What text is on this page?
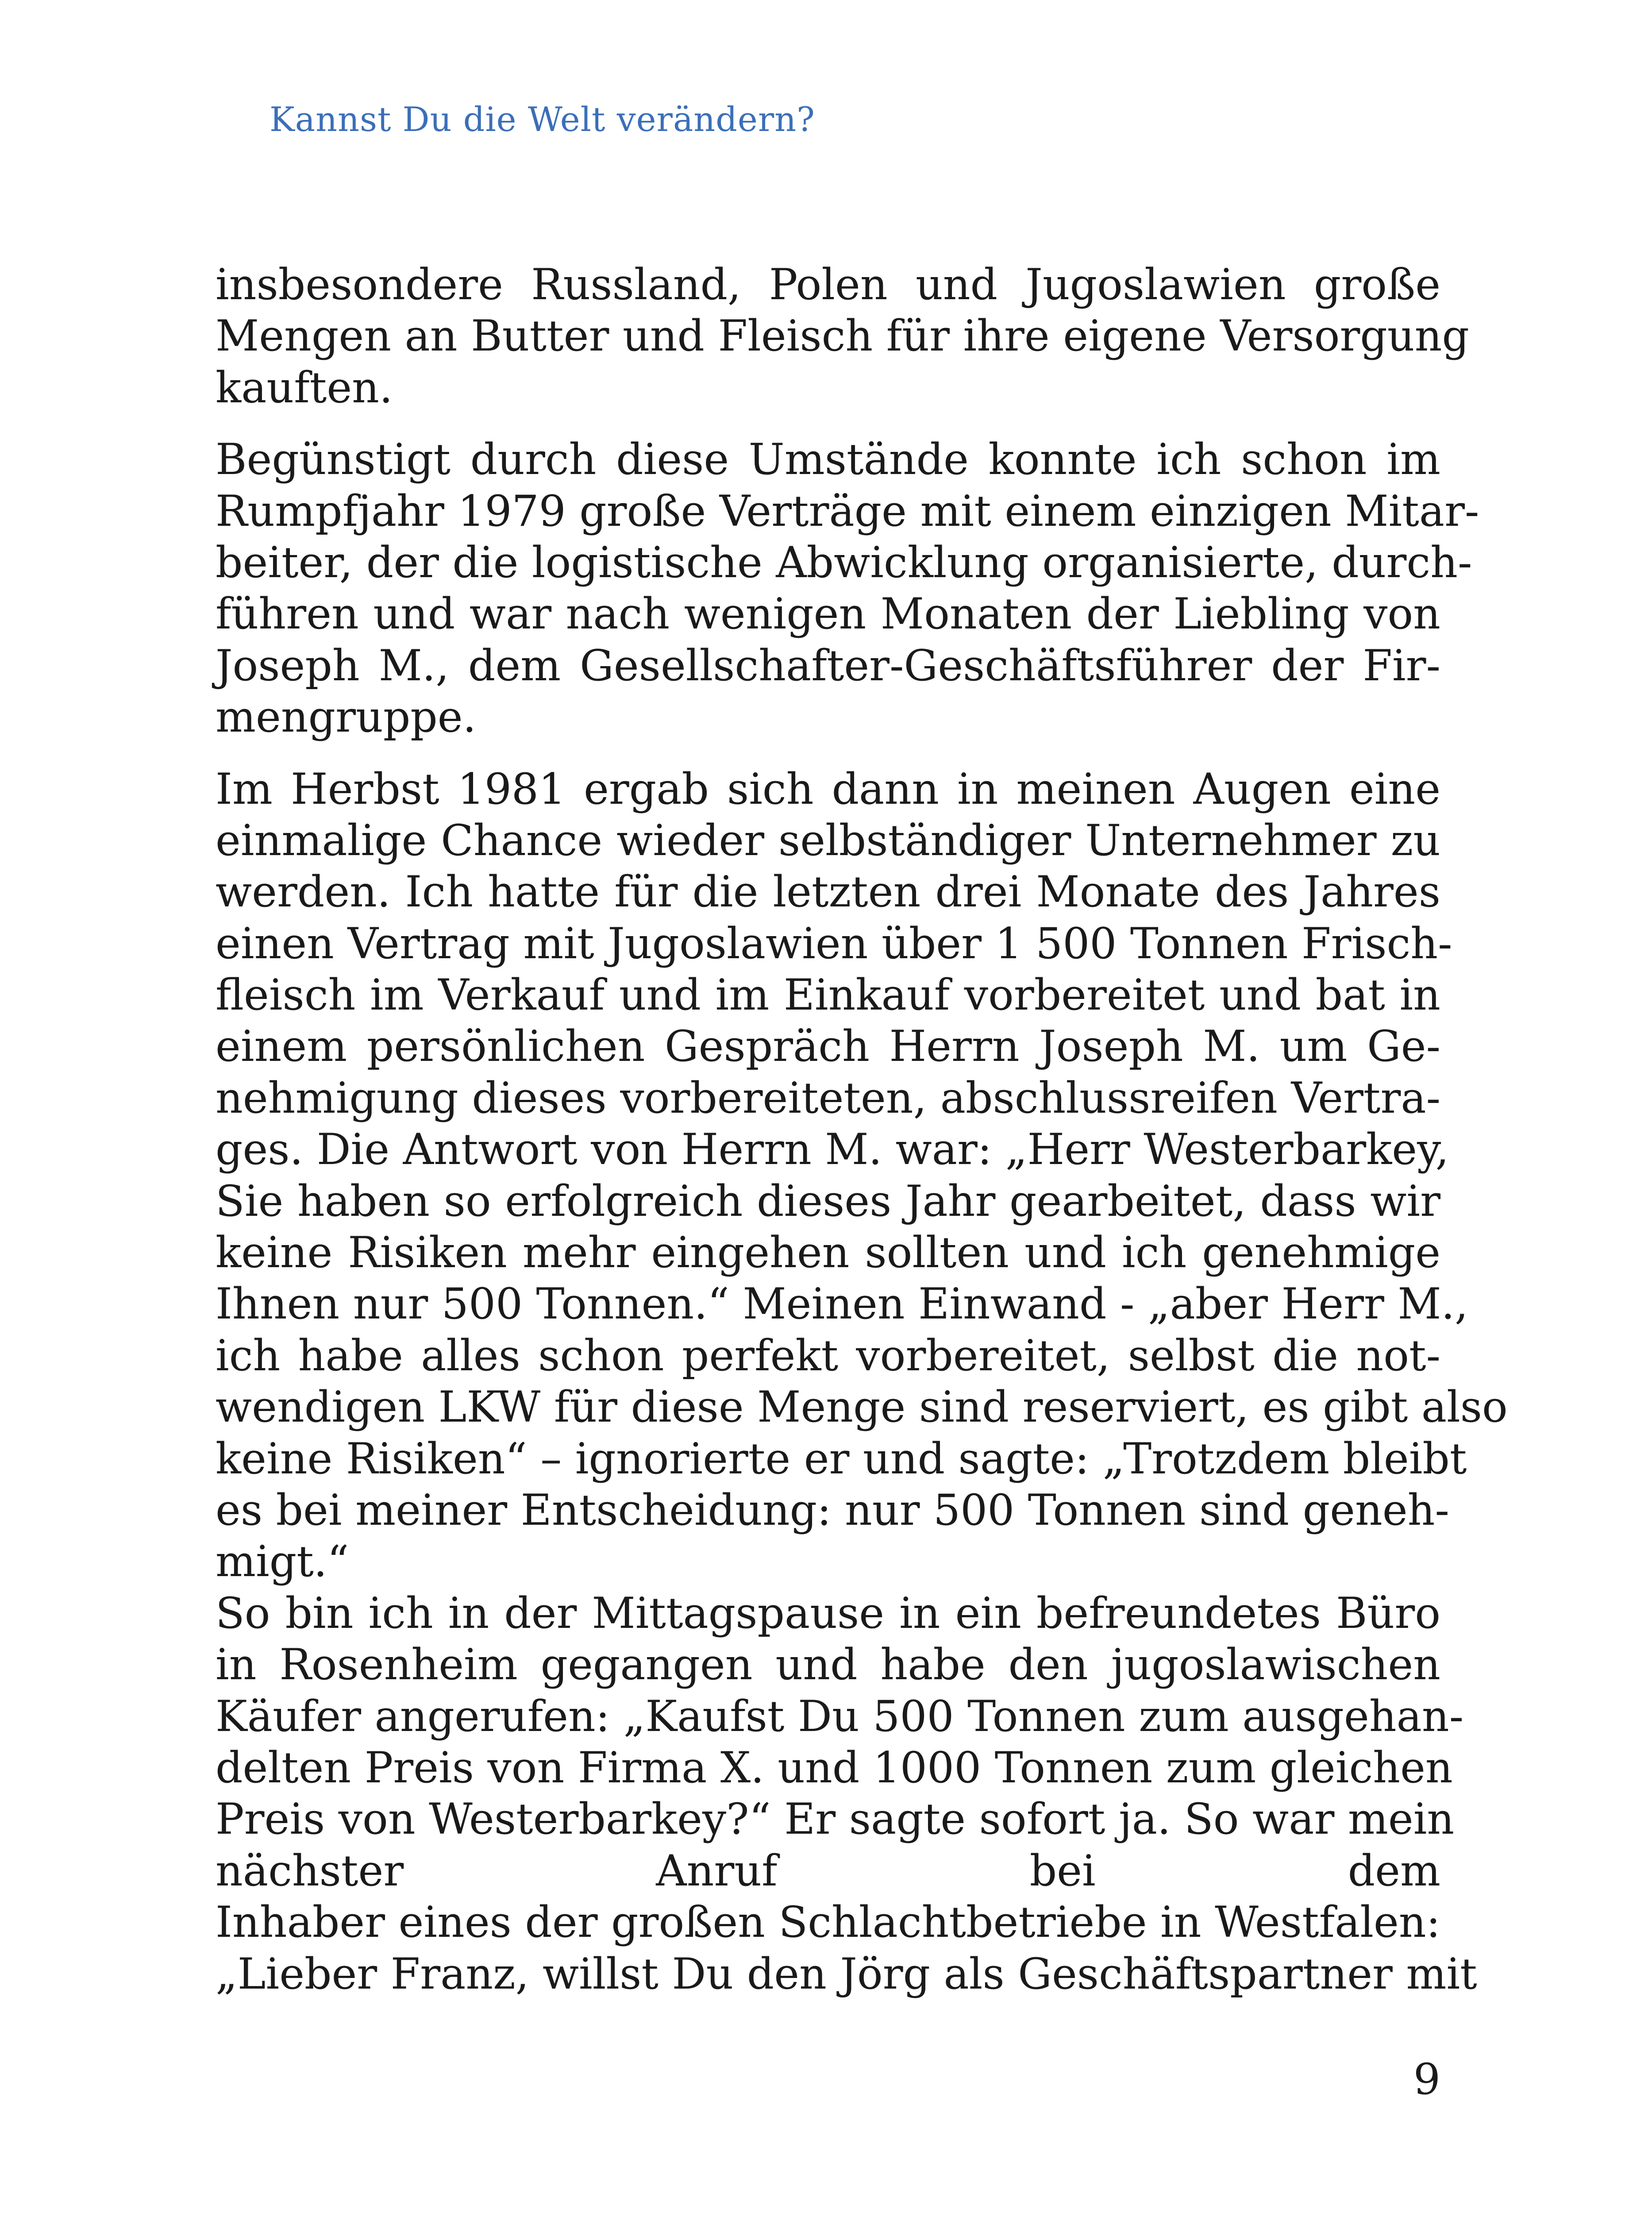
Kannst Du die Welt verändern?
insbesondere Russland, Polen und Jugoslawien große
Mengen an Butter und Fleisch für ihre eigene Versorgung
kauften.
Begünstigt durch diese Umstände konnte ich schon im
Rumpfjahr 1979 große Verträge mit einem einzigen Mitar-
beiter, der die logistische Abwicklung organisierte, durch-
führen und war nach wenigen Monaten der Liebling von
Joseph M., dem Gesellschafter-Geschäftsführer der Fir-
mengruppe.
Im Herbst 1981 ergab sich dann in meinen Augen eine
einmalige Chance wieder selbständiger Unternehmer zu
werden. Ich hatte für die letzten drei Monate des Jahres
einen Vertrag mit Jugoslawien über 1 500 Tonnen Frisch-
fleisch im Verkauf und im Einkauf vorbereitet und bat in
einem persönlichen Gespräch Herrn Joseph M. um Ge-
nehmigung dieses vorbereiteten, abschlussreifen Vertra-
ges. Die Antwort von Herrn M. war: „Herr Westerbarkey,
Sie haben so erfolgreich dieses Jahr gearbeitet, dass wir
keine Risiken mehr eingehen sollten und ich genehmige
Ihnen nur 500 Tonnen.“ Meinen Einwand - „aber Herr M.,
ich habe alles schon perfekt vorbereitet, selbst die not-
wendigen LKW für diese Menge sind reserviert, es gibt also
keine Risiken“ – ignorierte er und sagte: „Trotzdem bleibt
es bei meiner Entscheidung: nur 500 Tonnen sind geneh-
migt.“
So bin ich in der Mittagspause in ein befreundetes Büro
in Rosenheim gegangen und habe den jugoslawischen
Käufer angerufen: „Kaufst Du 500 Tonnen zum ausgehan-
delten Preis von Firma X. und 1000 Tonnen zum gleichen
Preis von Westerbarkey?“ Er sagte sofort ja. So war mein
nächster Anruf bei dem
Inhaber eines der großen Schlachtbetriebe in Westfalen:
„Lieber Franz, willst Du den Jörg als Geschäftspartner mit
9
